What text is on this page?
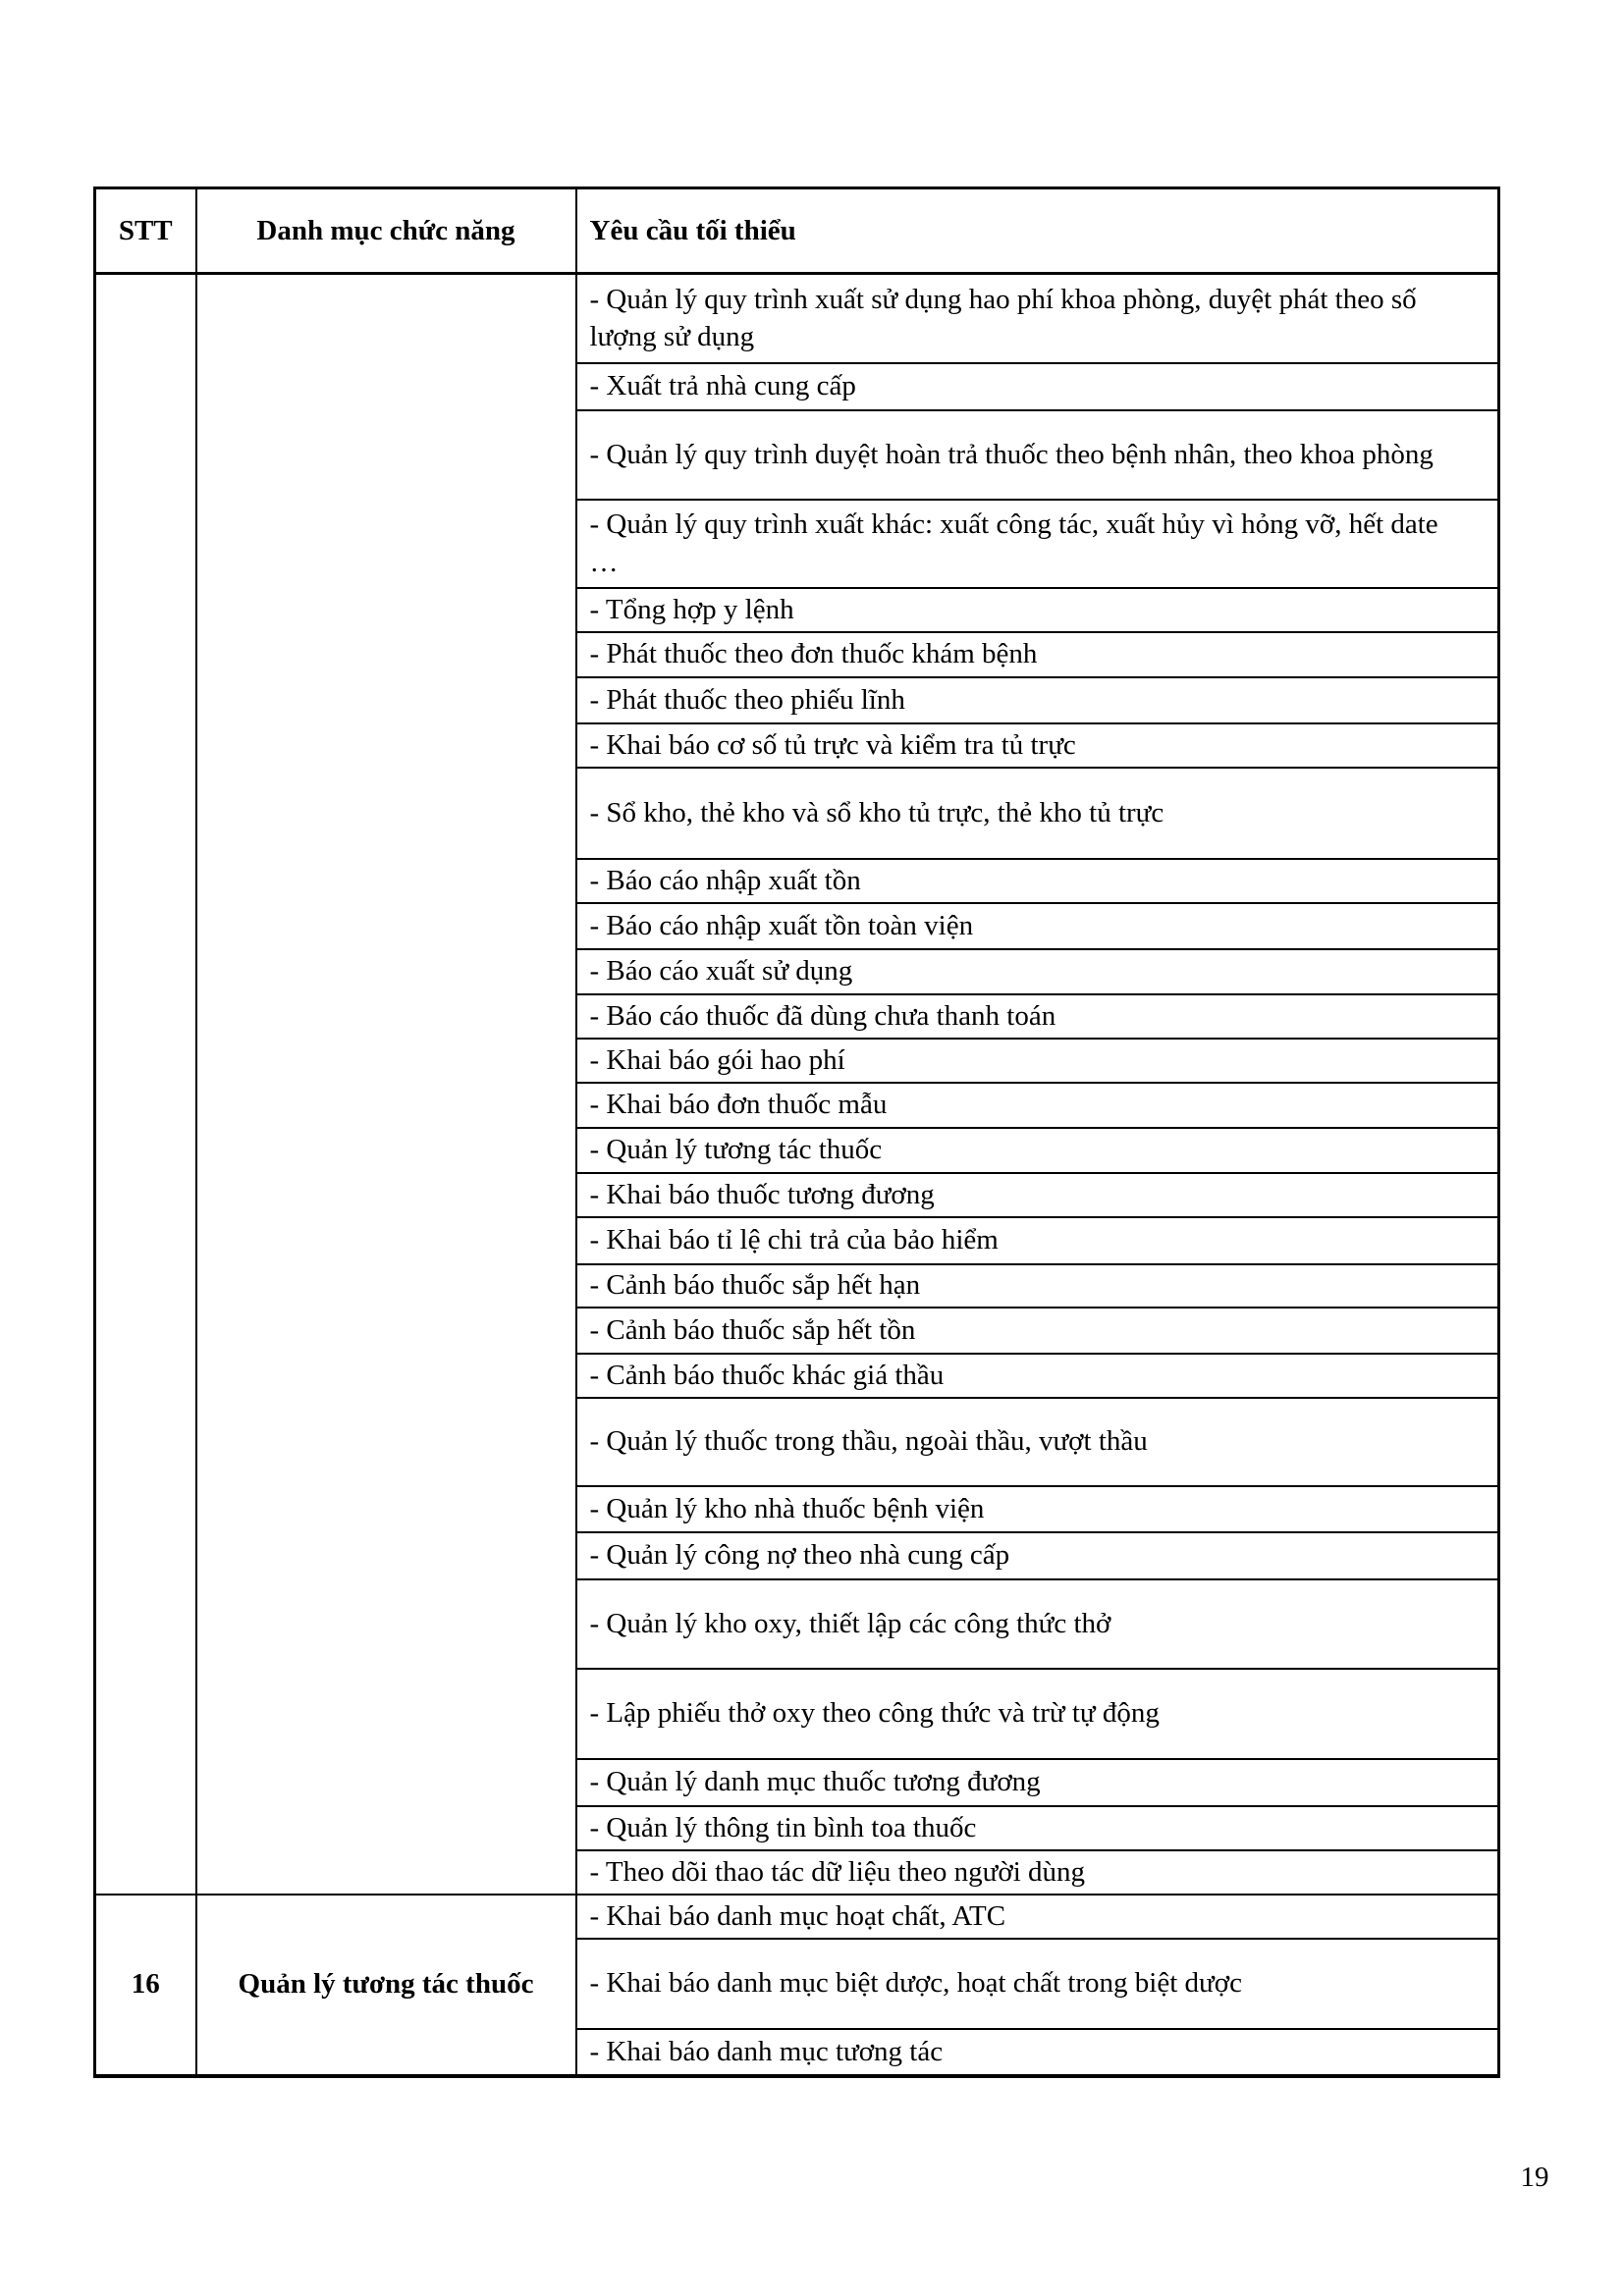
STT	Danh mục chức năng	Yêu cầu tối thiểu
		- Quản lý quy trình xuất sử dụng hao phí khoa phòng, duyệt phát theo số lượng sử dụng
		- Xuất trả nhà cung cấp
		- Quản lý quy trình duyệt hoàn trả thuốc theo bệnh nhân, theo khoa phòng
		- Quản lý quy trình xuất khác: xuất công tác, xuất hủy vì hỏng vỡ, hết date …
		- Tổng hợp y lệnh
		- Phát thuốc theo đơn thuốc khám bệnh
		- Phát thuốc theo phiếu lĩnh
		- Khai báo cơ số tủ trực và kiểm tra tủ trực
		- Sổ kho, thẻ kho và sổ kho tủ trực, thẻ kho tủ trực
		- Báo cáo nhập xuất tồn
		- Báo cáo nhập xuất tồn toàn viện
		- Báo cáo xuất sử dụng
		- Báo cáo thuốc đã dùng chưa thanh toán
		- Khai báo gói hao phí
		- Khai báo đơn thuốc mẫu
		- Quản lý tương tác thuốc
		- Khai báo thuốc tương đương
		- Khai báo tỉ lệ chi trả của bảo hiểm
		- Cảnh báo thuốc sắp hết hạn
		- Cảnh báo thuốc sắp hết tồn
		- Cảnh báo thuốc khác giá thầu
		- Quản lý thuốc trong thầu, ngoài thầu, vượt thầu
		- Quản lý kho nhà thuốc bệnh viện
		- Quản lý công nợ theo nhà cung cấp
		- Quản lý kho oxy, thiết lập các công thức thở
		- Lập phiếu thở oxy theo công thức và trừ tự động
		- Quản lý danh mục thuốc tương đương
		- Quản lý thông tin bình toa thuốc
		- Theo dõi thao tác dữ liệu theo người dùng
16	Quản lý tương tác thuốc	- Khai báo danh mục hoạt chất, ATC
		- Khai báo danh mục biệt dược, hoạt chất trong biệt dược
		- Khai báo danh mục tương tác
19
